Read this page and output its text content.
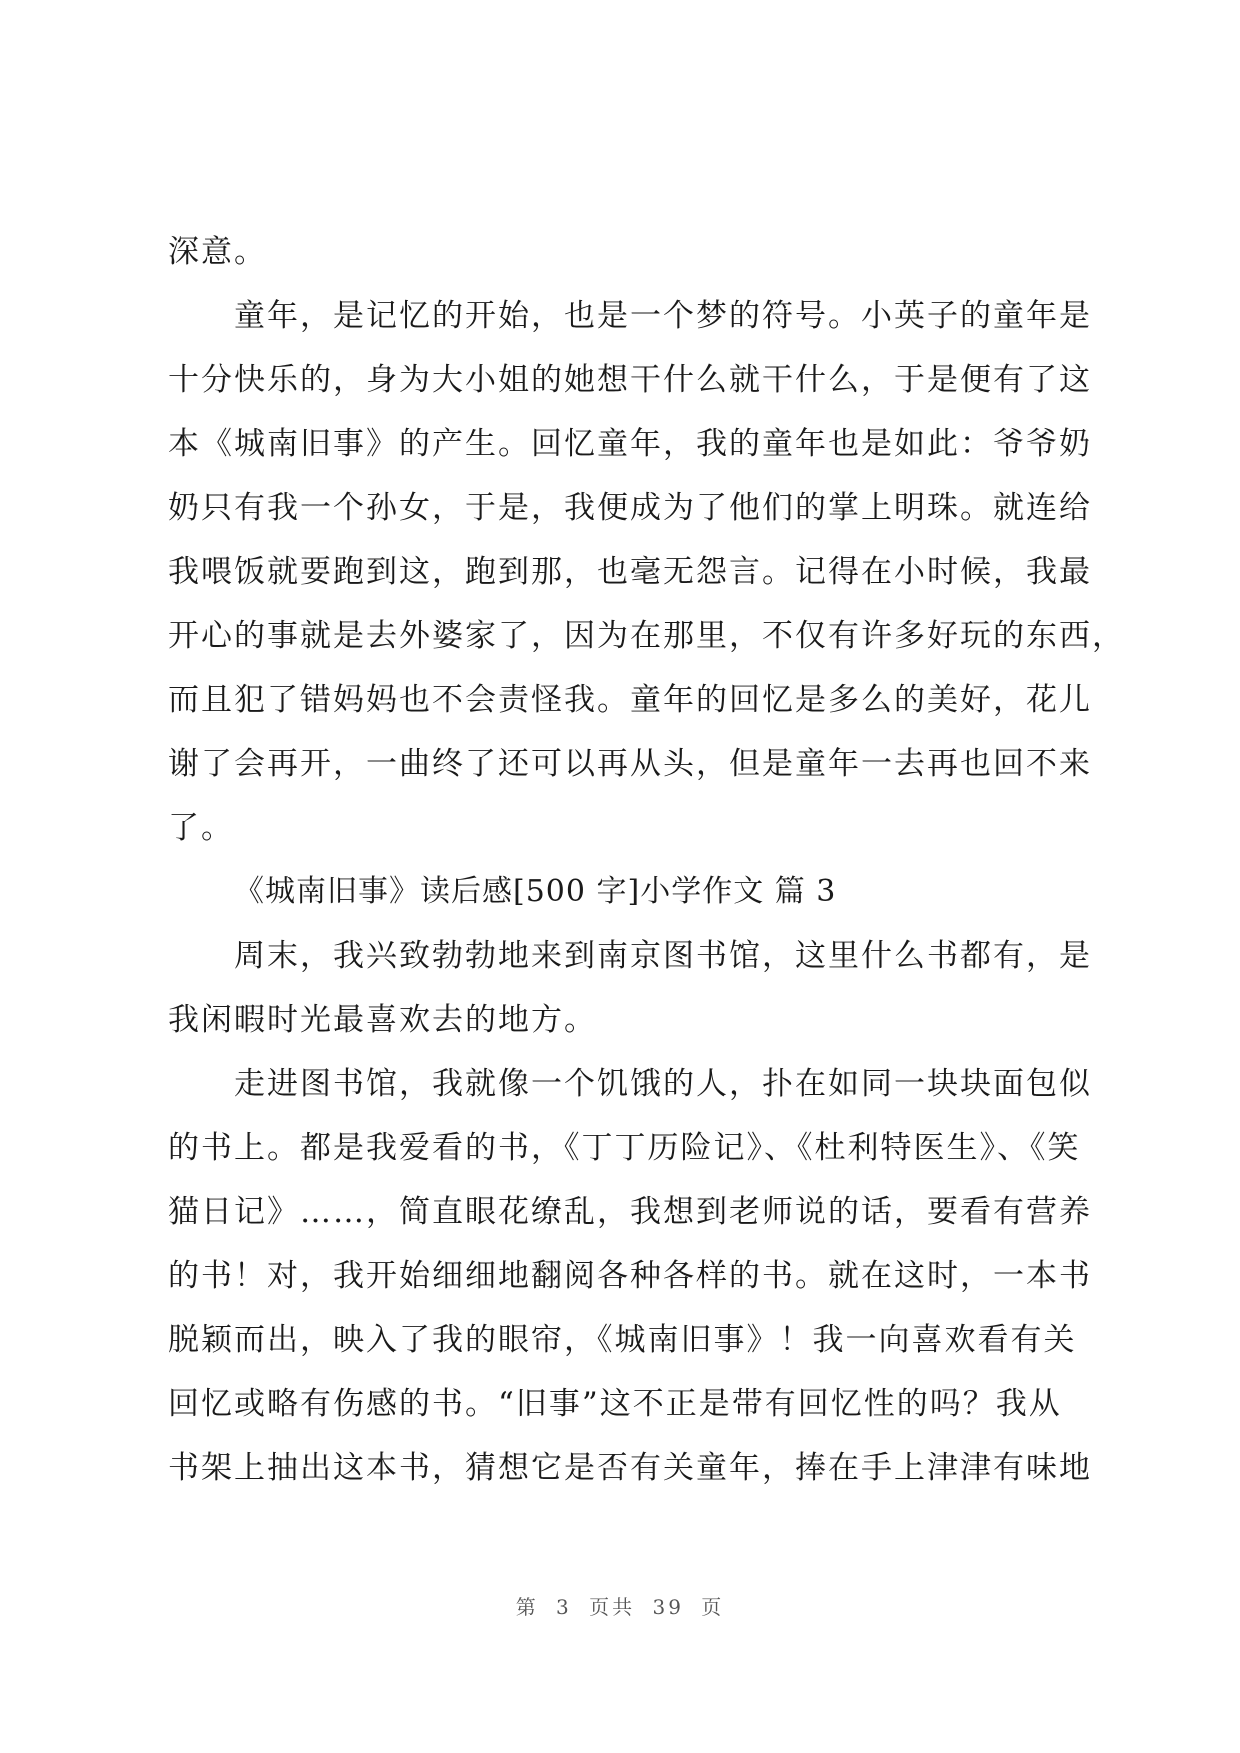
深意。
童年，是记忆的开始，也是一个梦的符号。小英子的童年是
十分快乐的，身为大小姐的她想干什么就干什么，于是便有了这
本《城南旧事》的产生。回忆童年，我的童年也是如此：爷爷奶
奶只有我一个孙女，于是，我便成为了他们的掌上明珠。就连给
我喂饭就要跑到这，跑到那，也毫无怨言。记得在小时候，我最
开心的事就是去外婆家了，因为在那里，不仅有许多好玩的东西，
而且犯了错妈妈也不会责怪我。童年的回忆是多么的美好，花儿
谢了会再开，一曲终了还可以再从头，但是童年一去再也回不来
了。
《城南旧事》读后感[500 字]小学作文 篇 3
周末，我兴致勃勃地来到南京图书馆，这里什么书都有，是
我闲暇时光最喜欢去的地方。
走进图书馆，我就像一个饥饿的人，扑在如同一块块面包似
的书上。都是我爱看的书，《丁丁历险记》、《杜利特医生》、《笑
猫日记》……，简直眼花缭乱，我想到老师说的话，要看有营养
的书！对，我开始细细地翻阅各种各样的书。就在这时，一本书
脱颖而出，映入了我的眼帘，《城南旧事》！我一向喜欢看有关
回忆或略有伤感的书。“旧事”这不正是带有回忆性的吗？我从
书架上抽出这本书，猜想它是否有关童年，捧在手上津津有味地
第 3 页共 39 页
